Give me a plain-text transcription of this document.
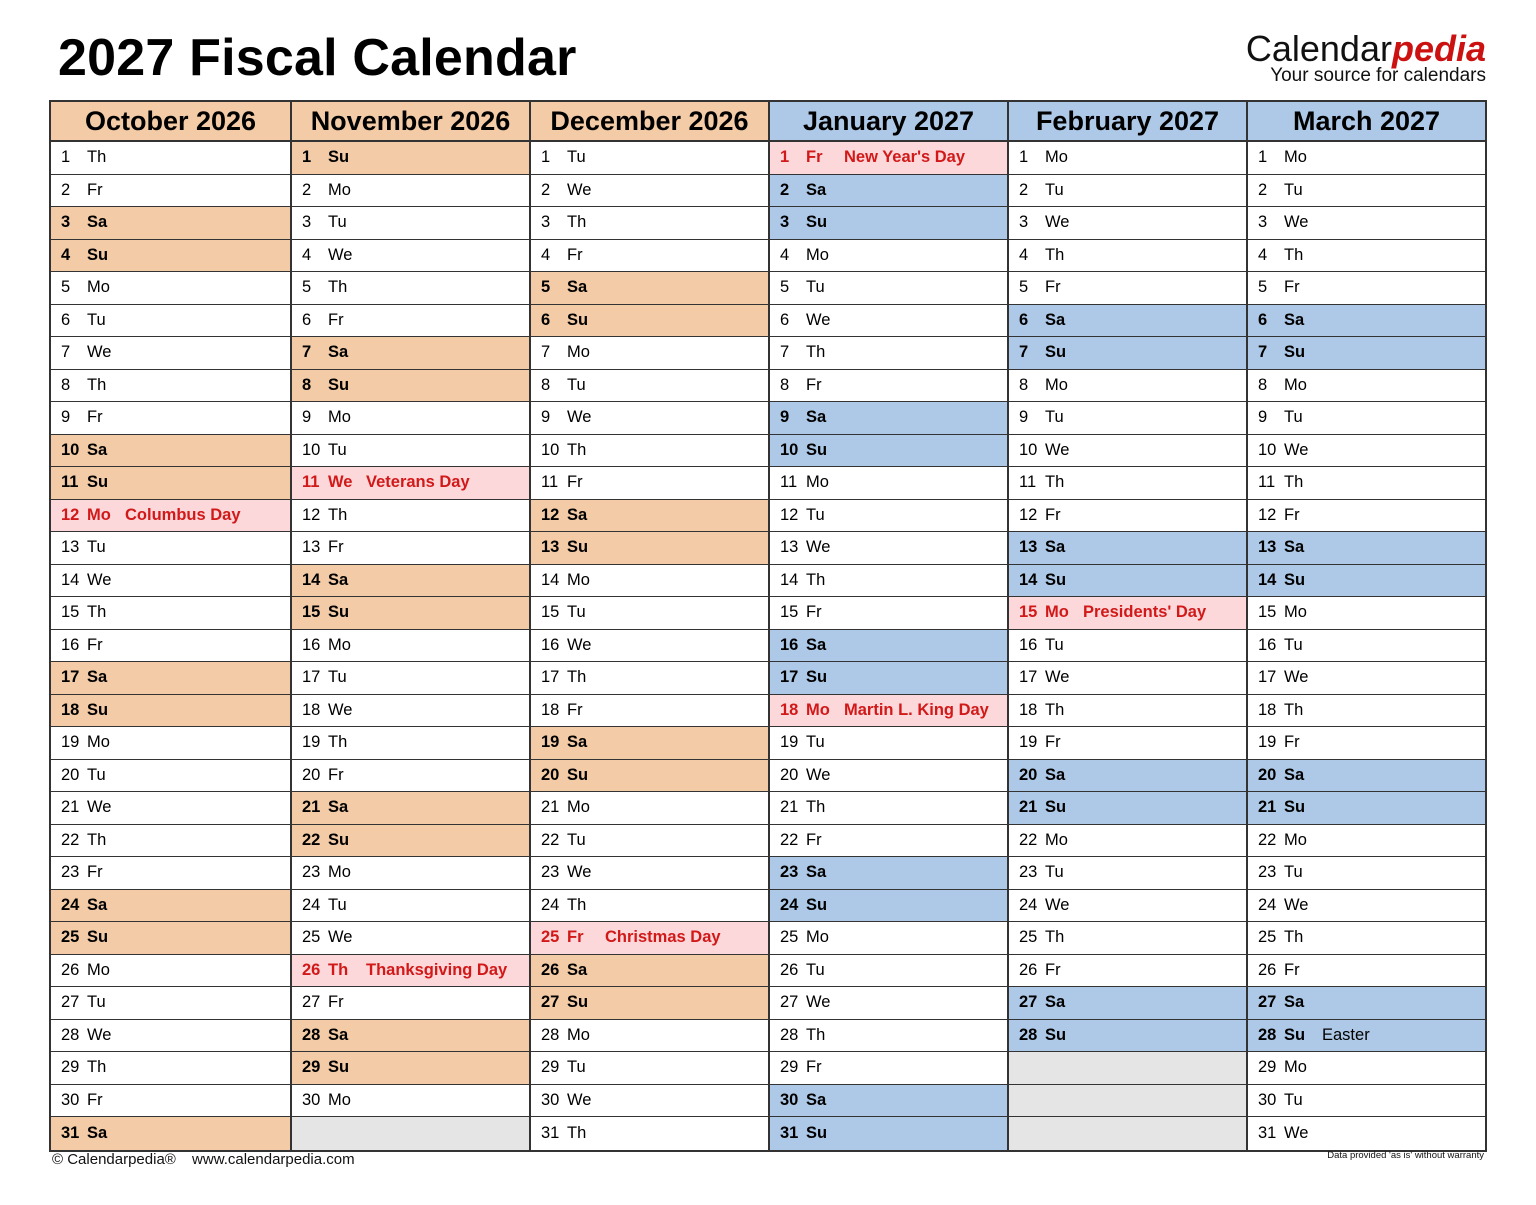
2027 Fiscal Calendar	Calendarpedia
Your source for calendars
October 2026
1	Th
2	Fr
3	Sa
4	Su
5	Mo
6	Tu
7	We
8	Th
9	Fr
10 Sa
11 Su
12 Mo Columbus Day
13 Tu
14 We
15 Th
16 Fr
17 Sa
18 Su
19 Mo
20 Tu
21 We
22 Th
23 Fr
24 Sa
25 Su
26 Mo
27 Tu
28 We
29 Th
30 Fr
31 Sa
November 2026
1	Su
2	Mo
3	Tu
4	We
5	Th
6	Fr
7	Sa
8	Su
9	Mo
10 Tu
11 We Veterans Day
12 Th
13 Fr
14 Sa
15 Su
16 Mo
17 Tu
18 We
19 Th
20 Fr
21 Sa
22 Su
23 Mo
24 Tu
25 We
26 Th	Thanksgiving Day
27 Fr
28 Sa
29 Su
30 Mo
December 2026
1	Tu
2	We
3	Th
4	Fr
5	Sa
6	Su
7	Mo
8	Tu
9	We
10 Th
11 Fr
12 Sa
13 Su
14 Mo
15 Tu
16 We
17 Th
18 Fr
19 Sa
20 Su
21 Mo
22 Tu
23 We
24 Th
25 Fr	Christmas Day
26 Sa
27 Su
28 Mo
29 Tu
30 We
31 Th
January 2027
1	Fr	New Year's Day
2	Sa
3	Su
4	Mo
5	Tu
6	We
7	Th
8	Fr
9	Sa
10 Su
11 Mo
12 Tu
13 We
14 Th
15 Fr
16 Sa
17 Su
18 Mo Martin L. King Day
19 Tu
20 We
21 Th
22 Fr
23 Sa
24 Su
25 Mo
26 Tu
27 We
28 Th
29 Fr
30 Sa
31 Su
February 2027
1	Mo
2	Tu
3	We
4	Th
5	Fr
6	Sa
7	Su
8	Mo
9	Tu
10 We
11 Th
12 Fr
13 Sa
14 Su
15 Mo Presidents' Day
16 Tu
17 We
18 Th
19 Fr
20 Sa
21 Su
22 Mo
23 Tu
24 We
25 Th
26 Fr
27 Sa
28 Su
March 2027
1	Mo
2	Tu
3	We
4	Th
5	Fr
6	Sa
7	Su
8	Mo
9	Tu
10 We
11 Th
12 Fr
13 Sa
14 Su
15 Mo
16 Tu
17 We
18 Th
19 Fr
20 Sa
21 Su
22 Mo
23 Tu
24 We
25 Th
26 Fr
27 Sa
28 Su	Easter
29 Mo
30 Tu
31 We
© Calendarpedia® www.calendarpedia.com	Data provided 'as is' without warranty
